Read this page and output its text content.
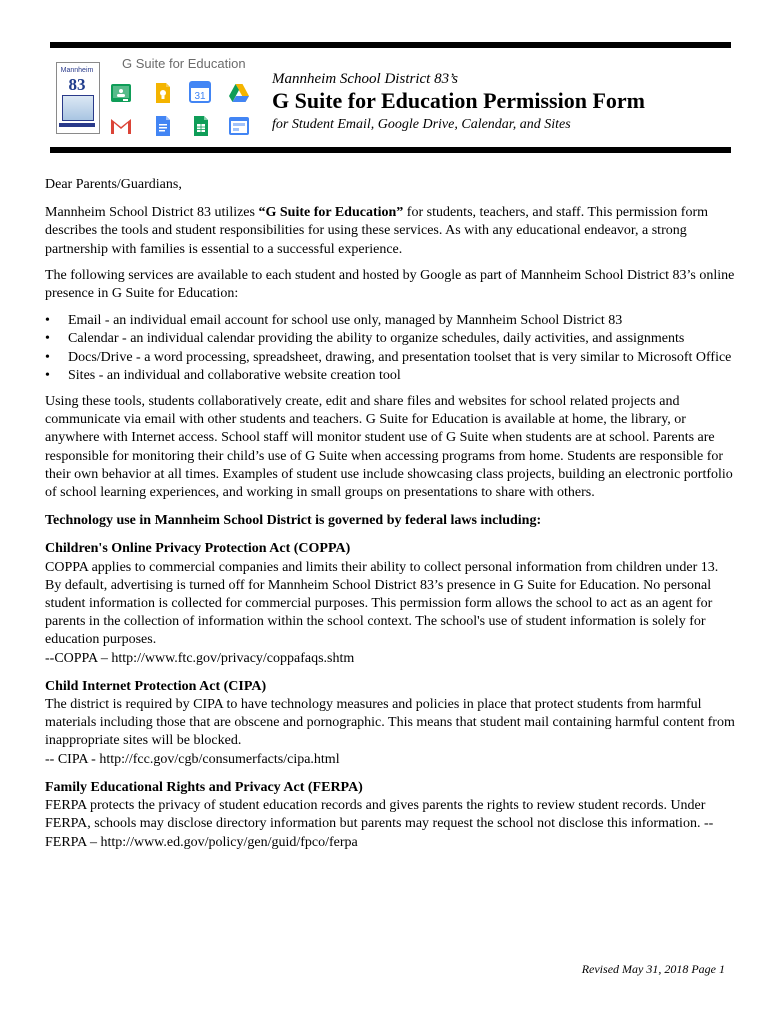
Mannheim
83
G Suite for Education
31
Mannheim School District 83’s
G Suite for Education Permission Form
for Student Email, Google Drive, Calendar, and Sites

Dear Parents/Guardians,

Mannheim School District 83 utilizes “G Suite for Education” for students, teachers, and staff. This permission form describes the tools and student responsibilities for using these services. As with any educational endeavor, a strong partnership with families is essential to a successful experience.

The following services are available to each student and hosted by Google as part of Mannheim School District 83’s online presence in G Suite for Education:

• Email - an individual email account for school use only, managed by Mannheim School District 83
• Calendar - an individual calendar providing the ability to organize schedules, daily activities, and assignments
• Docs/Drive - a word processing, spreadsheet, drawing, and presentation toolset that is very similar to Microsoft Office
• Sites - an individual and collaborative website creation tool

Using these tools, students collaboratively create, edit and share files and websites for school related projects and communicate via email with other students and teachers. G Suite for Education is available at home, the library, or anywhere with Internet access. School staff will monitor student use of G Suite when students are at school. Parents are responsible for monitoring their child’s use of G Suite when accessing programs from home. Students are responsible for their own behavior at all times. Examples of student use include showcasing class projects, building an electronic portfolio of school learning experiences, and working in small groups on presentations to share with others.

Technology use in Mannheim School District is governed by federal laws including:

Children's Online Privacy Protection Act (COPPA)

COPPA applies to commercial companies and limits their ability to collect personal information from children under 13. By default, advertising is turned off for Mannheim School District 83’s presence in G Suite for Education. No personal student information is collected for commercial purposes. This permission form allows the school to act as an agent for parents in the collection of information within the school context. The school's use of student information is solely for education purposes.

--COPPA – http://www.ftc.gov/privacy/coppafaqs.shtm

Child Internet Protection Act (CIPA)

The district is required by CIPA to have technology measures and policies in place that protect students from harmful materials including those that are obscene and pornographic. This means that student mail containing harmful content from inappropriate sites will be blocked.

-- CIPA - http://fcc.gov/cgb/consumerfacts/cipa.html

Family Educational Rights and Privacy Act (FERPA)

FERPA protects the privacy of student education records and gives parents the rights to review student records. Under FERPA, schools may disclose directory information but parents may request the school not disclose this information. --FERPA – http://www.ed.gov/policy/gen/guid/fpco/ferpa

Revised May 31, 2018 Page 1
